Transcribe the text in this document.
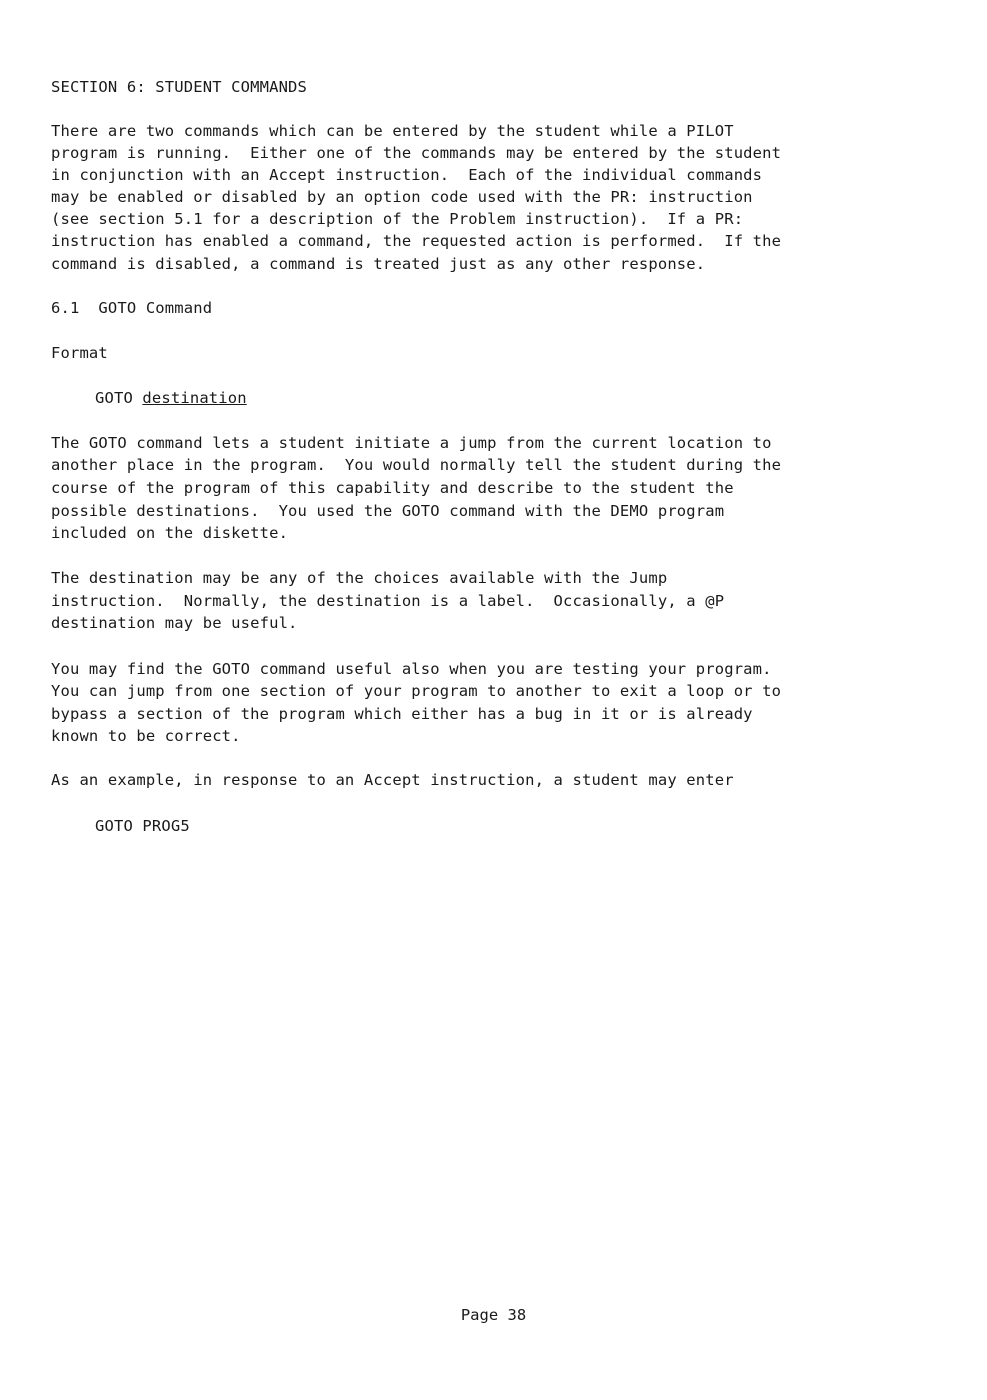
SECTION 6: STUDENT COMMANDS
There are two commands which can be entered by the student while a PILOT
program is running.  Either one of the commands may be entered by the student
in conjunction with an Accept instruction.  Each of the individual commands
may be enabled or disabled by an option code used with the PR: instruction
(see section 5.1 for a description of the Problem instruction).  If a PR:
instruction has enabled a command, the requested action is performed.  If the
command is disabled, a command is treated just as any other response.
6.1  GOTO Command
Format
GOTO destination
The GOTO command lets a student initiate a jump from the current location to
another place in the program.  You would normally tell the student during the
course of the program of this capability and describe to the student the
possible destinations.  You used the GOTO command with the DEMO program
included on the diskette.
The destination may be any of the choices available with the Jump
instruction.  Normally, the destination is a label.  Occasionally, a @P
destination may be useful.
You may find the GOTO command useful also when you are testing your program.
You can jump from one section of your program to another to exit a loop or to
bypass a section of the program which either has a bug in it or is already
known to be correct.
As an example, in response to an Accept instruction, a student may enter
GOTO PROG5
Page 38
